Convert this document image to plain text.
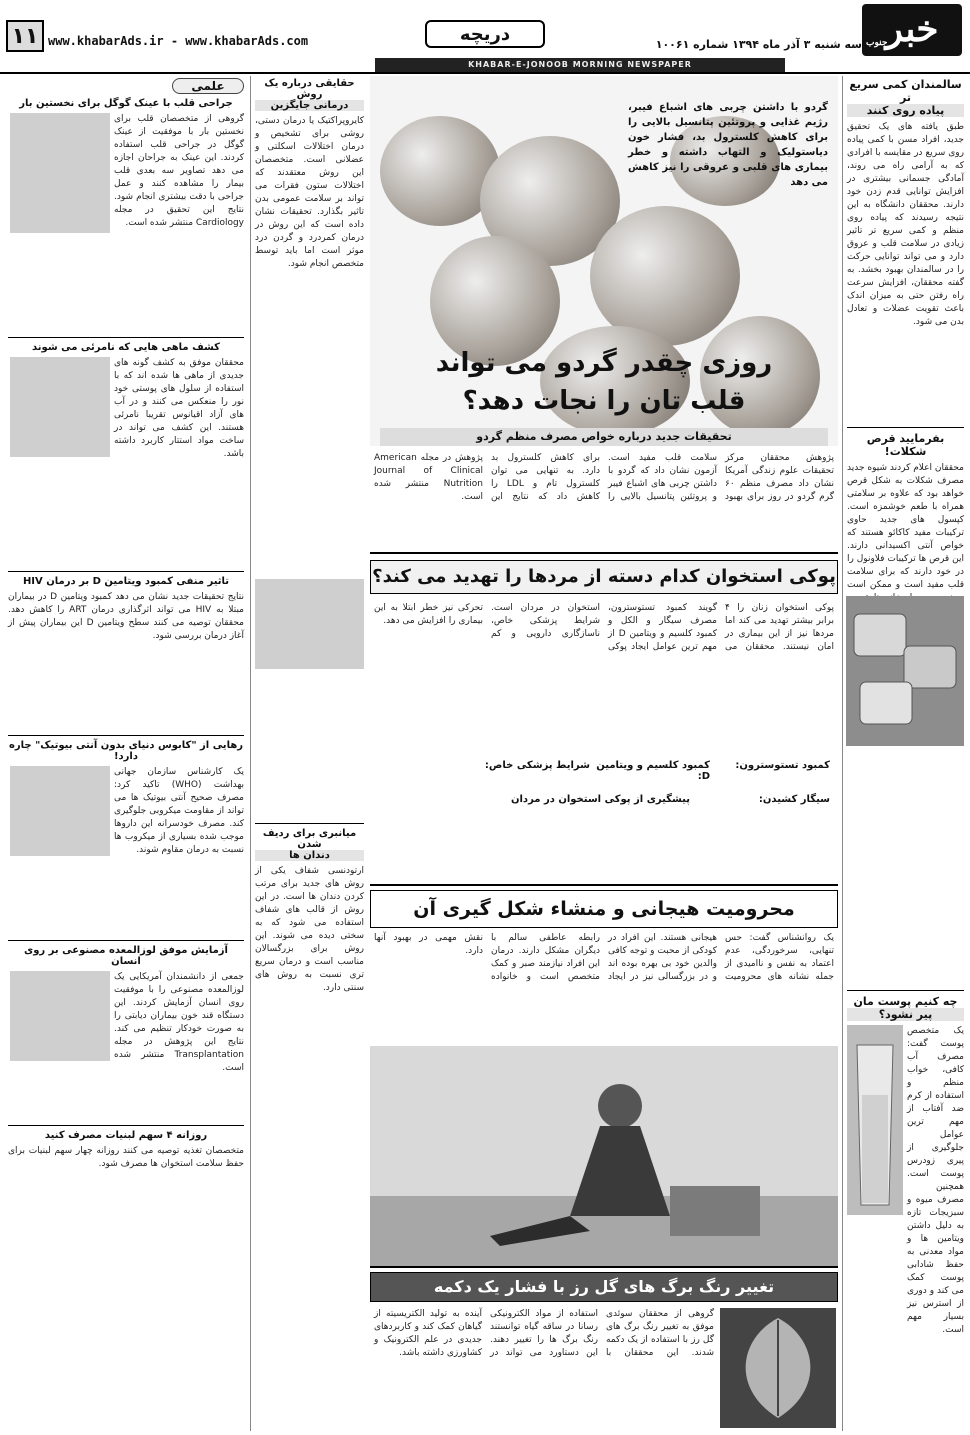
۱۱ www.khabarAds.ir - www.khabarAds.com	دریچه	سه شنبه ۳ آذر ماه ۱۳۹۴ شماره ۱۰۰۶۱ خبر
جنوب
KHABAR-E-JONOOB MORNING NEWSPAPER
سالمندان کمی سریع تر
پیاده روی کنند
طبق یافته های یک تحقیق جدید، افراد مسن با کمی پیاده روی سریع در مقایسه با افرادی که به آرامی راه می روند، آمادگی جسمانی بیشتری در افزایش توانایی قدم زدن خود دارند. محققان دانشگاه به این نتیجه رسیدند که پیاده روی منظم و کمی سریع تر تاثیر زیادی در سلامت قلب و عروق دارد و می تواند توانایی حرکت را در سالمندان بهبود بخشد. به گفته محققان، افزایش سرعت راه رفتن حتی به میزان اندک باعث تقویت عضلات و تعادل بدن می شود.
بفرمایید قرص شکلات!
محققان اعلام کردند شیوه جدید مصرف شکلات به شکل قرص خواهد بود که علاوه بر سلامتی همراه با طعم خوشمزه است. کپسول های جدید حاوی ترکیبات مفید کاکائو هستند که خواص آنتی اکسیدانی دارند. این قرص ها ترکیبات فلاونول را در خود دارند که برای سلامت قلب مفید است و ممکن است
چه کنیم پوست مان
پیر نشود؟
یک متخصص پوست گفت: مصرف آب کافی، خواب منظم و استفاده از کرم ضد آفتاب از مهم ترین عوامل جلوگیری از پیری زودرس پوست است. همچنین مصرف میوه و سبزیجات تازه به دلیل داشتن ویتامین ها و مواد معدنی به حفظ شادابی پوست کمک می کند و دوری از استرس نیز بسیار مهم است.
گردو با داشتن چربی های اشباع فیبر، رژیم غذایی و پروتئین پتانسیل بالایی را برای کاهش کلسترول بد، فشار خون دیاستولیک و التهاب داشته و خطر بیماری های قلبی و عروقی را نیز کاهش می دهد
روزی چقدر گردو می تواند
قلب تان را نجات دهد؟
تحقیقات جدید درباره خواص مصرف منظم گردو
پژوهش محققان مرکز تحقیقات علوم زندگی آمریکا نشان داد مصرف منظم ۶۰ گرم گردو در روز برای بهبود سلامت قلب مفید است. آزمون نشان داد که گردو با داشتن چربی های اشباع فیبر و پروتئین پتانسیل بالایی را برای کاهش کلسترول بد دارد. به تنهایی می توان کلسترول تام و LDL را کاهش داد که نتایج این پژوهش در مجله American Journal of Clinical Nutrition منتشر شده است.
پوکی استخوان کدام دسته از مردها را تهدید می کند؟
پوکی استخوان زنان را ۴ برابر بیشتر تهدید می کند اما مردها نیز از این بیماری در امان نیستند. محققان می گویند کمبود تستوسترون، مصرف سیگار و الکل و کمبود کلسیم و ویتامین D از مهم ترین عوامل ایجاد پوکی استخوان در مردان است. شرایط پزشکی خاص، ناسازگاری دارویی و کم تحرکی نیز خطر ابتلا به این بیماری را افزایش می دهد.
کمبود تستوسترون:
کمبود کلسیم و ویتامین D:
شرایط پزشکی خاص:
سیگار کشیدن:
پیشگیری از پوکی استخوان در مردان
محرومیت هیجانی و منشاء شکل گیری آن
یک روانشناس گفت: حس تنهایی، سرخوردگی، عدم اعتماد به نفس و ناامیدی از جمله نشانه های محرومیت هیجانی هستند. این افراد در کودکی از محبت و توجه کافی والدین خود بی بهره بوده اند و در بزرگسالی نیز در ایجاد رابطه عاطفی سالم با دیگران مشکل دارند. درمان این افراد نیازمند صبر و کمک متخصص است و خانواده نقش مهمی در بهبود آنها دارد.
تغییر رنگ برگ های گل رز با فشار یک دکمه
گروهی از محققان سوئدی موفق به تغییر رنگ برگ های گل رز با استفاده از یک دکمه شدند. این محققان با استفاده از مواد الکترونیکی رسانا در ساقه گیاه توانستند رنگ برگ ها را تغییر دهند. این دستاورد می تواند در آینده به تولید الکتریسیته از گیاهان کمک کند و کاربردهای جدیدی در علم الکترونیک و کشاورزی داشته باشد.
حقایقی درباره یک روش
درمانی جایگزین
کایروپراکتیک یا درمان دستی، روشی برای تشخیص و درمان اختلالات اسکلتی و عضلانی است. متخصصان این روش معتقدند که اختلالات ستون فقرات می تواند بر سلامت عمومی بدن تاثیر بگذارد. تحقیقات نشان داده است که این روش در درمان کمردرد و گردن درد موثر است اما باید توسط متخصص انجام شود.
میانبری برای ردیف شدن
دندان ها
ارتودنسی شفاف یکی از روش های جدید برای مرتب کردن دندان ها است. در این روش از قالب های شفاف استفاده می شود که به سختی دیده می شوند. این روش برای بزرگسالان مناسب است و درمان سریع تری نسبت به روش های سنتی دارد.
علمی
جراحی قلب با عینک گوگل برای نخستین بار
گروهی از متخصصان قلب برای نخستین بار با موفقیت از عینک گوگل در جراحی قلب استفاده کردند. این عینک به جراحان اجازه می دهد تصاویر سه بعدی قلب بیمار را مشاهده کنند و عمل جراحی با دقت بیشتری انجام شود. نتایج این تحقیق در مجله Cardiology منتشر شده است.
کشف ماهی هایی که نامرئی می شوند
محققان موفق به کشف گونه های جدیدی از ماهی ها شده اند که با استفاده از سلول های پوستی خود نور را منعکس می کنند و در آب های آزاد اقیانوس تقریبا نامرئی هستند. این کشف می تواند در ساخت مواد استتار کاربرد داشته باشد.
تاثیر منفی کمبود ویتامین D بر درمان HIV
نتایج تحقیقات جدید نشان می دهد کمبود ویتامین D در بیماران مبتلا به HIV می تواند اثرگذاری درمان ART را کاهش دهد. محققان توصیه می کنند سطح ویتامین D این بیماران پیش از آغاز درمان بررسی شود.
رهایی از "کابوس دنیای بدون آنتی بیوتیک" چاره دارد!
یک کارشناس سازمان جهانی بهداشت (WHO) تاکید کرد: مصرف صحیح آنتی بیوتیک ها می تواند از مقاومت میکروبی جلوگیری کند. مصرف خودسرانه این داروها موجب شده بسیاری از میکروب ها نسبت به درمان مقاوم شوند.
آزمایش موفق لوزالمعده مصنوعی بر روی انسان
جمعی از دانشمندان آمریکایی یک لوزالمعده مصنوعی را با موفقیت روی انسان آزمایش کردند. این دستگاه قند خون بیماران دیابتی را به صورت خودکار تنظیم می کند. نتایج این پژوهش در مجله Transplantation منتشر شده است.
روزانه ۴ سهم لبنیات مصرف کنید
متخصصان تغذیه توصیه می کنند روزانه چهار سهم لبنیات برای حفظ سلامت استخوان ها مصرف شود.
